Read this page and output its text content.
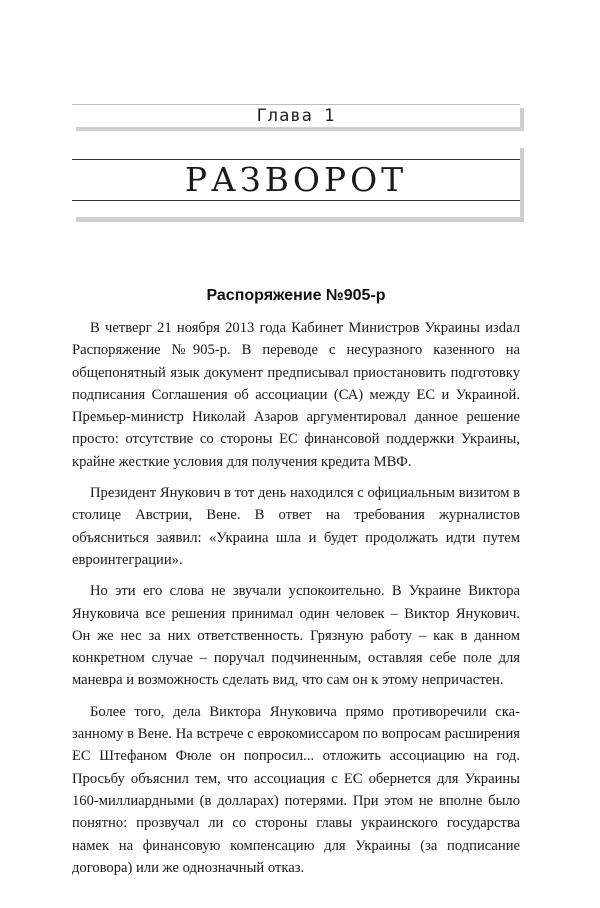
Глава 1
РАЗВОРОТ
Распоряжение №905-р

В четверг 21 ноября 2013 года Кабинет Министров Украины изdал Распоряжение №905-р. В переводе с несуразного казенного на общепонятный язык документ предписывал приостановить подготовку подписания Соглашения об ассоциации (СА) между ЕС и Украиной. Премьер-министр Николай Азаров аргументировал данное решение просто: отсутствие со стороны ЕС финансовой поддержки Украины, крайне жесткие условия для получения кредита МВФ.

Президент Янукович в тот день находился с официальным визитом в столице Австрии, Вене. В ответ на требования журналистов объясниться заявил: «Украина шла и будет продолжать идти путем евроинтеграции».

Но эти его слова не звучали успокоительно. В Украине Виктора Януковича все решения принимал один человек – Виктор Янукович. Он же нес за них ответственность. Грязную работу – как в данном конкретном случае – поручал подчиненным, оставляя себе поле для маневра и возможность сделать вид, что сам он к этому непричастен.

Более того, дела Виктора Януковича прямо противоречили сказанному в Вене. На встрече с еврокомиссаром по вопросам расширения ЕС Штефаном Фюле он попросил... отложить ассоциацию на год. Просьбу объяснил тем, что ассоциация с ЕС обернется для Украины 160-миллиардными (в долларах) потерями. При этом не вполне было понятно: прозвучал ли со стороны главы украинского государства намек на финансовую компенсацию для Украины (за подписание договора) или же однозначный отказ.
